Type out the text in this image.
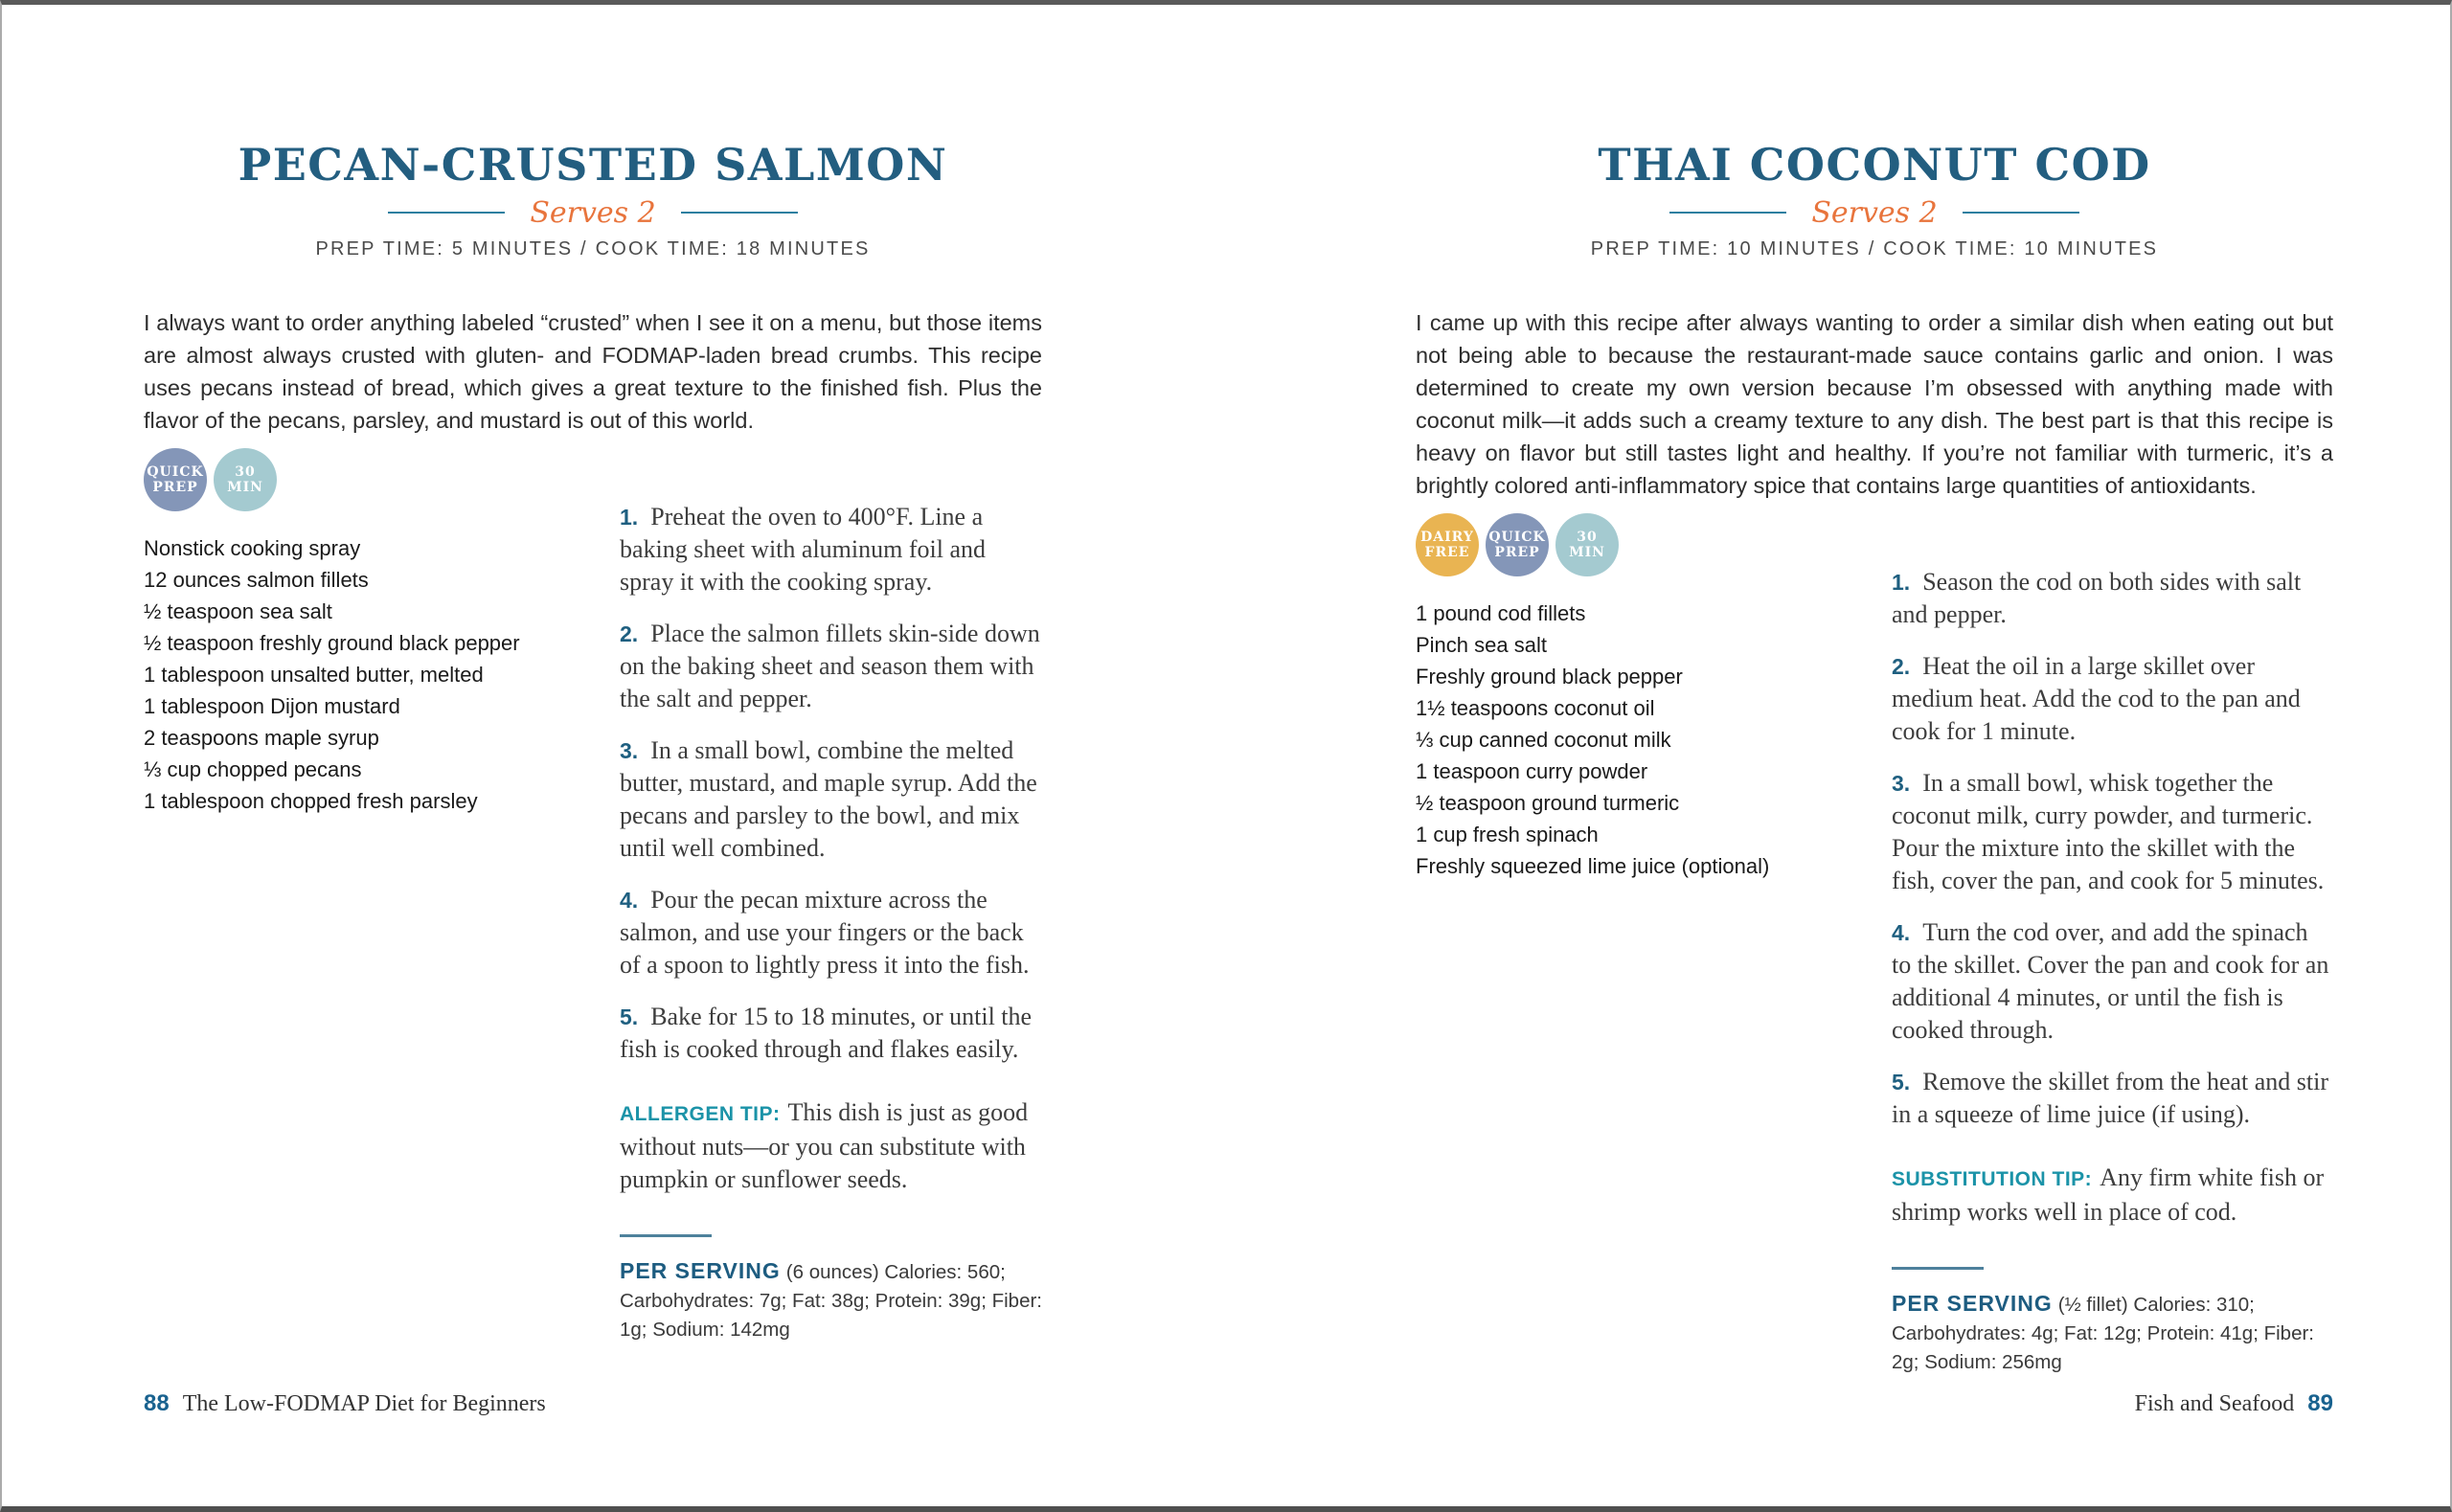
PECAN-CRUSTED SALMON
Serves 2
PREP TIME: 5 MINUTES / COOK TIME: 18 MINUTES
I always want to order anything labeled “crusted” when I see it on a menu, but those items are almost always crusted with gluten- and FODMAP-laden bread crumbs. This recipe uses pecans instead of bread, which gives a great texture to the finished fish. Plus the flavor of the pecans, parsley, and mustard is out of this world.
QUICK
PREP
30
MIN
Nonstick cooking spray
12 ounces salmon fillets
½ teaspoon sea salt
½ teaspoon freshly ground black pepper
1 tablespoon unsalted butter, melted
1 tablespoon Dijon mustard
2 teaspoons maple syrup
⅓ cup chopped pecans
1 tablespoon chopped fresh parsley

1. Preheat the oven to 400°F. Line a baking sheet with aluminum foil and spray it with the cooking spray.

2. Place the salmon fillets skin-side down on the baking sheet and season them with the salt and pepper.

3. In a small bowl, combine the melted butter, mustard, and maple syrup. Add the pecans and parsley to the bowl, and mix until well combined.

4. Pour the pecan mixture across the salmon, and use your fingers or the back of a spoon to lightly press it into the fish.

5. Bake for 15 to 18 minutes, or until the fish is cooked through and flakes easily.

ALLERGEN TIP: This dish is just as good without nuts—or you can substitute with pumpkin or sunflower seeds.
PER SERVING (6 ounces) Calories: 560; Carbohydrates: 7g; Fat: 38g; Protein: 39g; Fiber: 1g; Sodium: 142mg
88 The Low-FODMAP Diet for Beginners
THAI COCONUT COD
Serves 2
PREP TIME: 10 MINUTES / COOK TIME: 10 MINUTES
I came up with this recipe after always wanting to order a similar dish when eating out but not being able to because the restaurant-made sauce contains garlic and onion. I was determined to create my own version because I’m obsessed with anything made with coconut milk—it adds such a creamy texture to any dish. The best part is that this recipe is heavy on flavor but still tastes light and healthy. If you’re not familiar with turmeric, it’s a brightly colored anti-inflammatory spice that contains large quantities of antioxidants.
DAIRY
FREE
QUICK
PREP
30
MIN
1 pound cod fillets
Pinch sea salt
Freshly ground black pepper
1½ teaspoons coconut oil
⅓ cup canned coconut milk
1 teaspoon curry powder
½ teaspoon ground turmeric
1 cup fresh spinach
Freshly squeezed lime juice (optional)

1. Season the cod on both sides with salt and pepper.

2. Heat the oil in a large skillet over medium heat. Add the cod to the pan and cook for 1 minute.

3. In a small bowl, whisk together the coconut milk, curry powder, and turmeric. Pour the mixture into the skillet with the fish, cover the pan, and cook for 5 minutes.

4. Turn the cod over, and add the spinach to the skillet. Cover the pan and cook for an additional 4 minutes, or until the fish is cooked through.

5. Remove the skillet from the heat and stir in a squeeze of lime juice (if using).

SUBSTITUTION TIP: Any firm white fish or shrimp works well in place of cod.
PER SERVING (½ fillet) Calories: 310; Carbohydrates: 4g; Fat: 12g; Protein: 41g; Fiber: 2g; Sodium: 256mg
Fish and Seafood 89
